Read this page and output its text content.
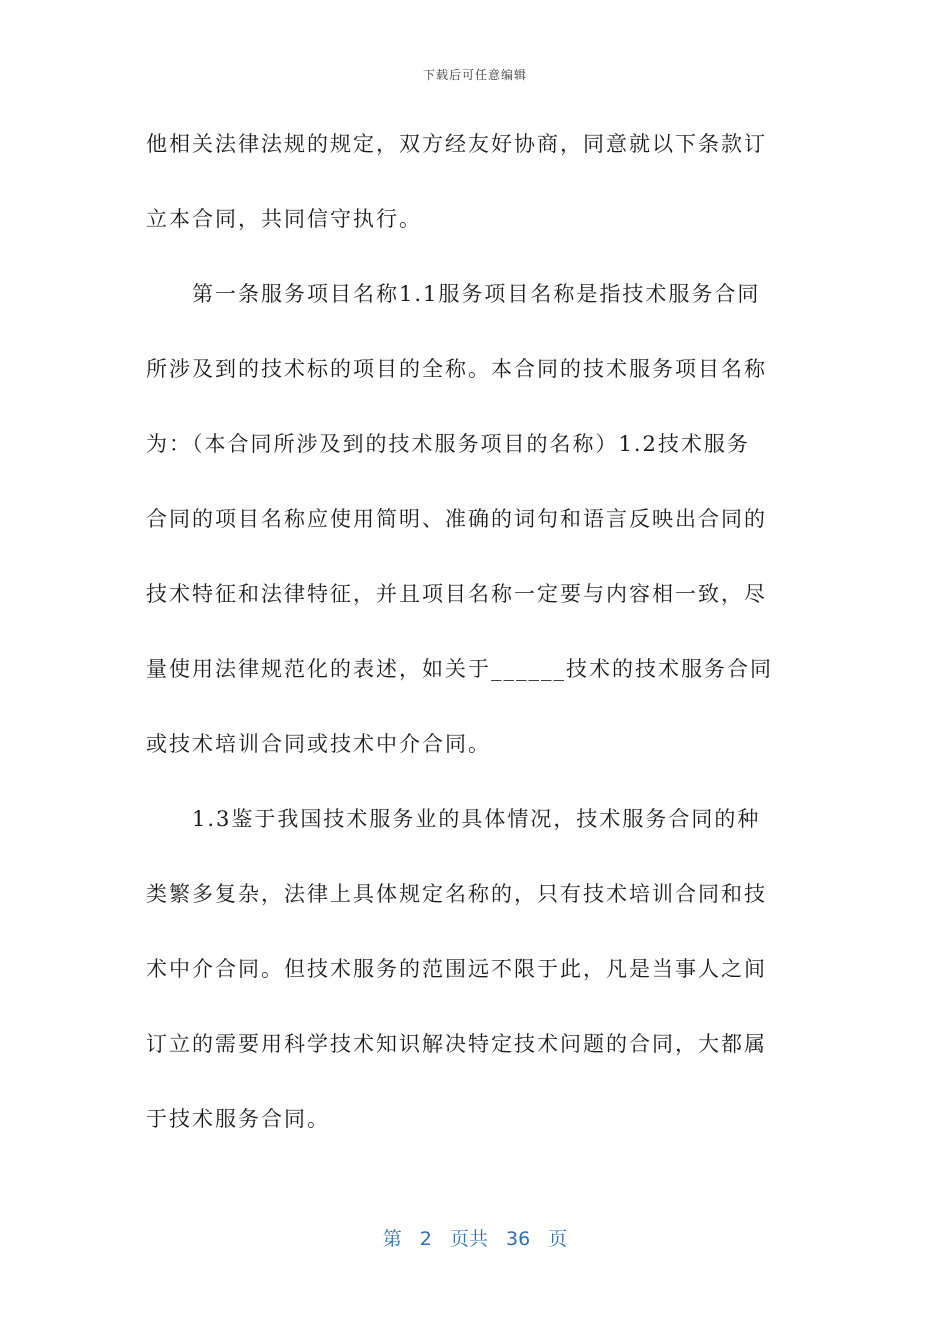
下载后可任意编辑
他相关法律法规的规定，双方经友好协商，同意就以下条款订
立本合同，共同信守执行。
第一条服务项目名称1.1服务项目名称是指技术服务合同
所涉及到的技术标的项目的全称。本合同的技术服务项目名称
为：（本合同所涉及到的技术服务项目的名称）1.2技术服务
合同的项目名称应使用简明、准确的词句和语言反映出合同的
技术特征和法律特征，并且项目名称一定要与内容相一致，尽
量使用法律规范化的表述，如关于______技术的技术服务合同
或技术培训合同或技术中介合同。
1.3鉴于我国技术服务业的具体情况，技术服务合同的种
类繁多复杂，法律上具体规定名称的，只有技术培训合同和技
术中介合同。但技术服务的范围远不限于此，凡是当事人之间
订立的需要用科学技术知识解决特定技术问题的合同，大都属
于技术服务合同。
第 2 页共 36 页
